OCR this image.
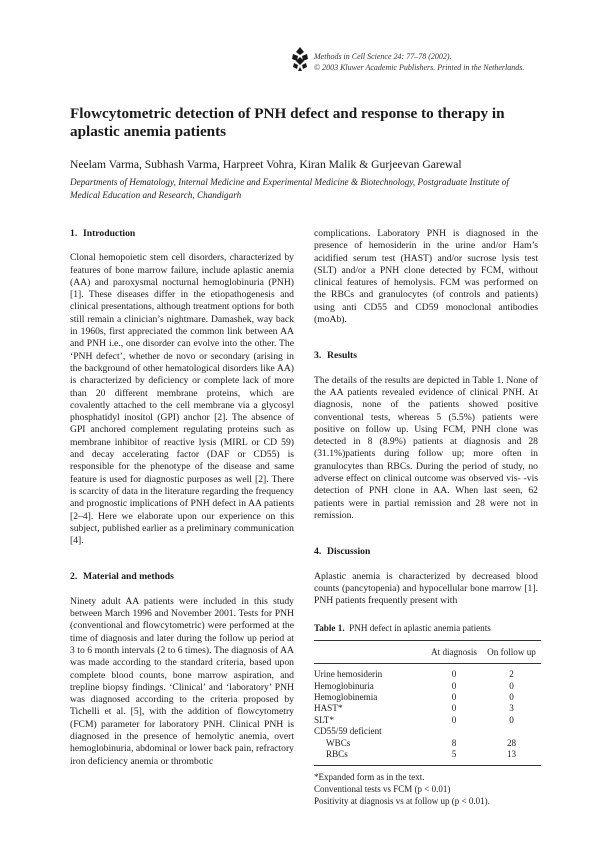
Methods in Cell Science 24: 77–78 (2002).
© 2003 Kluwer Academic Publishers. Printed in the Netherlands.
Flowcytometric detection of PNH defect and response to therapy in
aplastic anemia patients
Neelam Varma, Subhash Varma, Harpreet Vohra, Kiran Malik & Gurjeevan Garewal
Departments of Hematology, Internal Medicine and Experimental Medicine & Biotechnology, Postgraduate Institute of Medical Education and Research, Chandigarh

1. Introduction

Clonal hemopoietic stem cell disorders, characterized by features of bone marrow failure, include aplastic anemia (AA) and paroxysmal nocturnal hemoglobinuria (PNH) [1]. These diseases differ in the etiopathogenesis and clinical presentations, although treatment options for both still remain a clinician’s nightmare. Damashek, way back in 1960s, first appreciated the common link between AA and PNH i.e., one disorder can evolve into the other. The ‘PNH defect’, whether de novo or secondary (arising in the background of other hematological disorders like AA) is characterized by deficiency or complete lack of more than 20 different membrane proteins, which are covalently attached to the cell membrane via a glycosyl phosphatidyl inositol (GPI) anchor [2]. The absence of GPI anchored complement regulating proteins such as membrane inhibitor of reactive lysis (MIRL or CD 59) and decay accelerating factor (DAF or CD55) is responsible for the phenotype of the disease and same feature is used for diagnostic purposes as well [2]. There is scarcity of data in the literature regarding the frequency and prognostic implications of PNH defect in AA patients [2–4]. Here we elaborate upon our experience on this subject, published earlier as a preliminary communication [4].

2. Material and methods

Ninety adult AA patients were included in this study between March 1996 and November 2001. Tests for PNH (conventional and flowcytometric) were performed at the time of diagnosis and later during the follow up period at 3 to 6 month intervals (2 to 6 times). The diagnosis of AA was made according to the standard criteria, based upon complete blood counts, bone marrow aspiration, and trepline biopsy findings. ‘Clinical’ and ‘laboratory’ PNH was diagnosed according to the criteria proposed by Tichelli et al. [5], with the addition of flowcytometry (FCM) parameter for laboratory PNH. Clinical PNH is diagnosed in the presence of hemolytic anemia, overt hemoglobinuria, abdominal or lower back pain, refractory iron deficiency anemia or thrombotic

complications. Laboratory PNH is diagnosed in the presence of hemosiderin in the urine and/or Ham’s acidified serum test (HAST) and/or sucrose lysis test (SLT) and/or a PNH clone detected by FCM, without clinical features of hemolysis. FCM was performed on the RBCs and granulocytes (of controls and patients) using anti CD55 and CD59 monoclonal antibodies (moAb).

3. Results

The details of the results are depicted in Table 1. None of the AA patients revealed evidence of clinical PNH. At diagnosis, none of the patients showed positive conventional tests, whereas 5 (5.5%) patients were positive on follow up. Using FCM, PNH clone was detected in 8 (8.9%) patients at diagnosis and 28 (31.1%)patients during follow up; more often in granulocytes than RBCs. During the period of study, no adverse effect on clinical outcome was observed vis- -vis detection of PNH clone in AA. When last seen, 62 patients were in partial remission and 28 were not in remission.

4. Discussion

Aplastic anemia is characterized by decreased blood counts (pancytopenia) and hypocellular bone marrow [1]. PNH patients frequently present with

Table 1. PNH defect in aplastic anemia patients
	At diagnosis	On follow up
Urine hemosiderin	0	2
Hemoglobinuria	0	0
Hemoglobinemia	0	0
HAST*	0	3
SLT*	0	0
CD55/59 deficient		
WBCs	8	28
RBCs	5	13
*Expanded form as in the text.
Conventional tests vs FCM (p < 0.01)
Positivity at diagnosis vs at follow up (p < 0.01).
